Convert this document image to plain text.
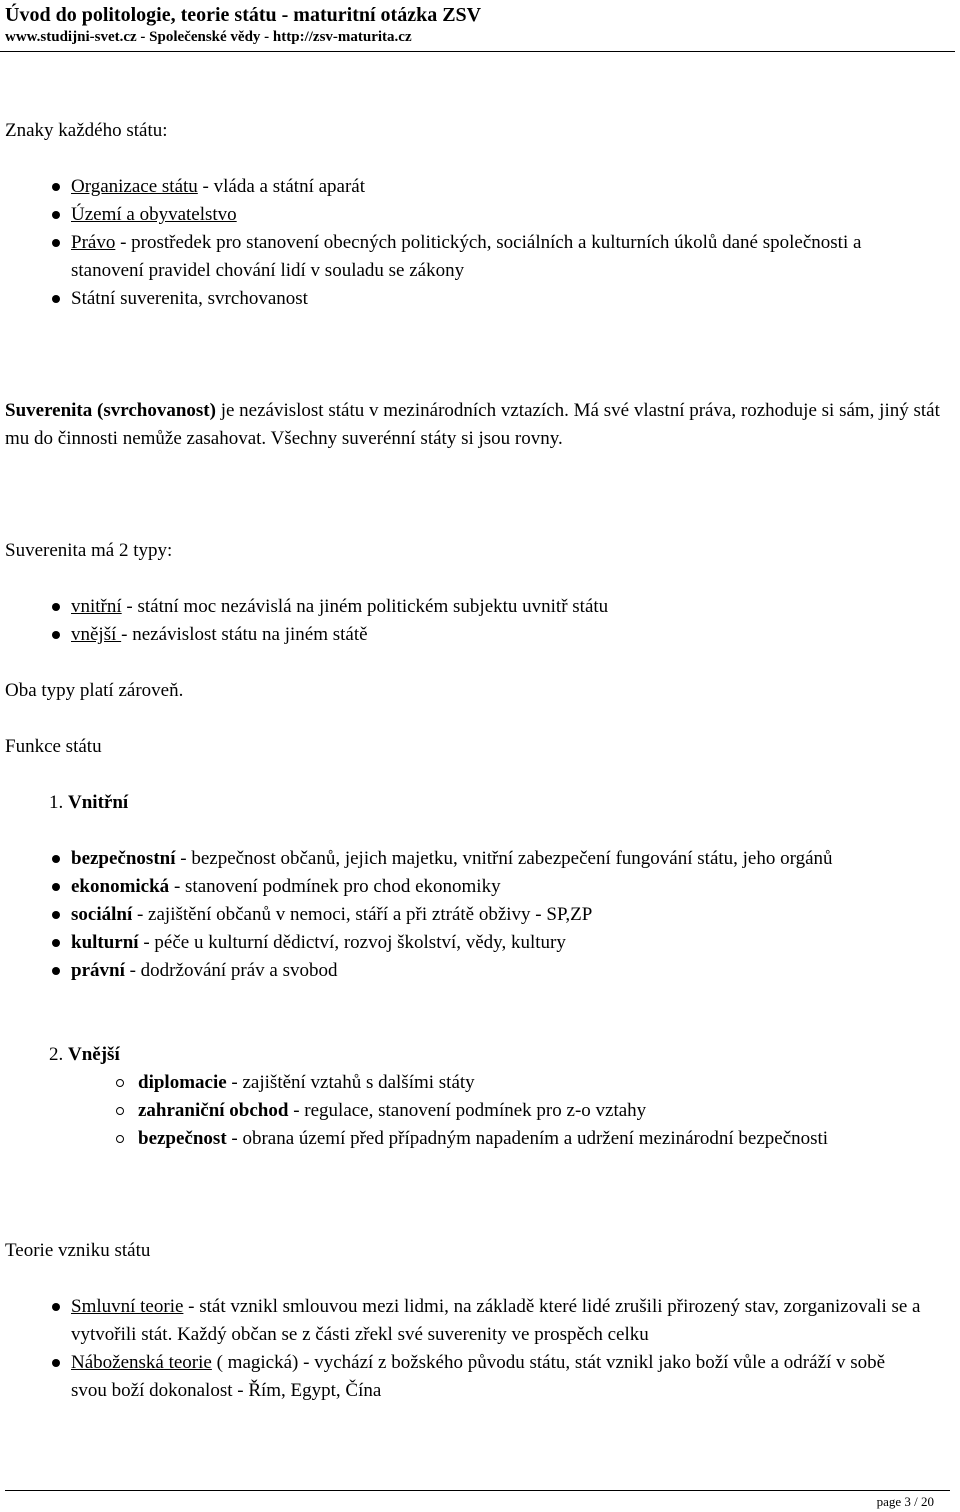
Úvod do politologie, teorie státu - maturitní otázka ZSV
www.studijni-svet.cz - Společenské vědy - http://zsv-maturita.cz
Znaky každého státu:
Organizace státu - vláda a státní aparát
Území a obyvatelstvo
Právo - prostředek pro stanovení obecných politických, sociálních a kulturních úkolů dané společnosti a stanovení pravidel chování lidí v souladu se zákony
Státní suverenita, svrchovanost
Suverenita (svrchovanost) je nezávislost státu v mezinárodních vztazích. Má své vlastní práva, rozhoduje si sám, jiný stát mu do činnosti nemůže zasahovat. Všechny suverénní státy si jsou rovny.
Suverenita má 2 typy:
vnitřní - státní moc nezávislá na jiném politickém subjektu uvnitř státu
vnější - nezávislost státu na jiném státě
Oba typy platí zároveň.
Funkce státu
1. Vnitřní
bezpečnostní - bezpečnost občanů, jejich majetku, vnitřní zabezpečení fungování státu, jeho orgánů
ekonomická - stanovení podmínek pro chod ekonomiky
sociální - zajištění občanů v nemoci, stáří a při ztrátě obživy - SP,ZP
kulturní - péče u kulturní dědictví, rozvoj školství, vědy, kultury
právní - dodržování práv a svobod
2. Vnější
diplomacie - zajištění vztahů s dalšími státy
zahraniční obchod - regulace, stanovení podmínek pro z-o vztahy
bezpečnost - obrana území před případným napadením a udržení mezinárodní bezpečnosti
Teorie vzniku státu
Smluvní teorie - stát vznikl smlouvou mezi lidmi, na základě které lidé zrušili přirozený stav, zorganizovali se a vytvořili stát. Každý občan se z části zřekl své suverenity ve prospěch celku
Náboženská teorie ( magická) - vychází z božského původu státu, stát vznikl jako boží vůle a odráží v sobě svou boží dokonalost - Řím, Egypt, Čína
page 3 / 20
